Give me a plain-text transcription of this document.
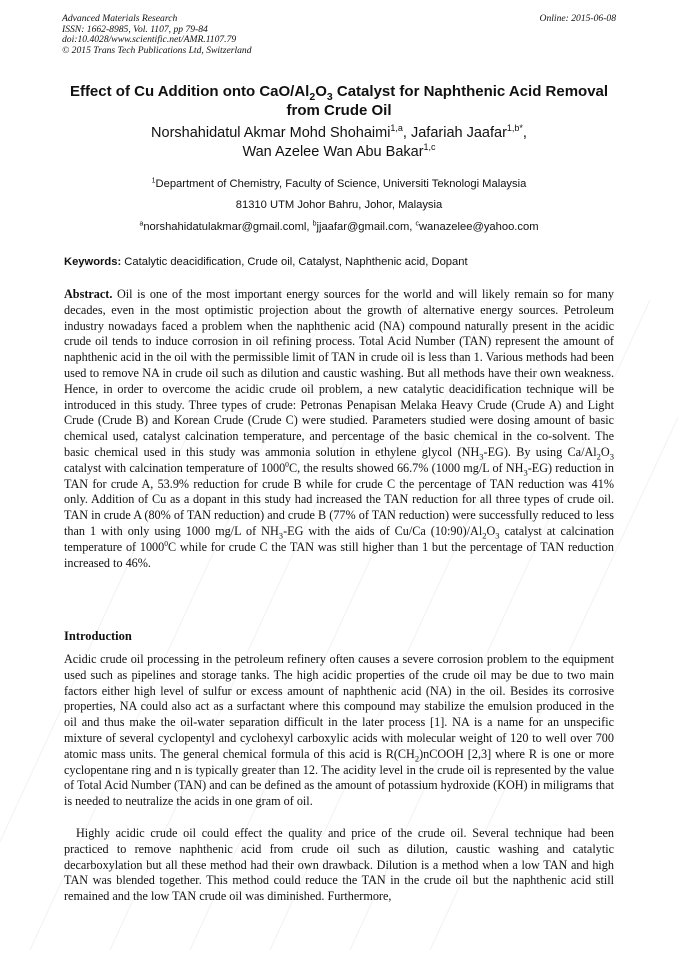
Advanced Materials Research
ISSN: 1662-8985, Vol. 1107, pp 79-84
doi:10.4028/www.scientific.net/AMR.1107.79
© 2015 Trans Tech Publications Ltd, Switzerland
Online: 2015-06-08
Effect of Cu Addition onto CaO/$Al_2O_3$ Catalyst for Naphthenic Acid Removal from Crude Oil
Norshahidatul Akmar Mohd Shohaimi$^{1,a}$, Jafariah Jaafar$^{1,b*}$,
Wan Azelee Wan Abu Bakar$^{1,c}$
$^1$Department of Chemistry, Faculty of Science, Universiti Teknologi Malaysia
81310 UTM Johor Bahru, Johor, Malaysia
$^a$norshahidatulakmar@gmail.coml, $^b$jjaafar@gmail.com, $^c$wanazelee@yahoo.com
Keywords: Catalytic deacidification, Crude oil, Catalyst, Naphthenic acid, Dopant

Abstract. Oil is one of the most important energy sources for the world and will likely remain so for many decades, even in the most optimistic projection about the growth of alternative energy sources. Petroleum industry nowadays faced a problem when the naphthenic acid (NA) compound naturally present in the acidic crude oil tends to induce corrosion in oil refining process. Total Acid Number (TAN) represent the amount of naphthenic acid in the oil with the permissible limit of TAN in crude oil is less than 1. Various methods had been used to remove NA in crude oil such as dilution and caustic washing. But all methods have their own weakness. Hence, in order to overcome the acidic crude oil problem, a new catalytic deacidification technique will be introduced in this study. Three types of crude: Petronas Penapisan Melaka Heavy Crude (Crude A) and Light Crude (Crude B) and Korean Crude (Crude C) were studied. Parameters studied were dosing amount of basic chemical used, catalyst calcination temperature, and percentage of the basic chemical in the co-solvent. The basic chemical used in this study was ammonia solution in ethylene glycol $(NH_3-EG)$. By using $Ca/Al_2O_3$ catalyst with calcination temperature of 1000$^0$C, the results showed 66.7% (1000 mg/L of $NH_3-EG$) reduction in TAN for crude A, 53.9% reduction for crude B while for crude C the percentage of TAN reduction was 41% only. Addition of Cu as a dopant in this study had increased the TAN reduction for all three types of crude oil. TAN in crude A (80% of TAN reduction) and crude B (77% of TAN reduction) were successfully reduced to less than 1 with only using 1000 mg/L of $NH_3-EG$ with the aids of Cu/Ca $(10:90)/Al_2O_3$ catalyst at calcination temperature of 1000$^0$C while for crude C the TAN was still higher than 1 but the percentage of TAN reduction increased to 46%.

Introduction

Acidic crude oil processing in the petroleum refinery often causes a severe corrosion problem to the equipment used such as pipelines and storage tanks. The high acidic properties of the crude oil may be due to two main factors either high level of sulfur or excess amount of naphthenic acid (NA) in the oil. Besides its corrosive properties, NA could also act as a surfactant where this compound may stabilize the emulsion produced in the oil and thus make the oil-water separation difficult in the later process [1]. NA is a name for an unspecific mixture of several cyclopentyl and cyclohexyl carboxylic acids with molecular weight of 120 to well over 700 atomic mass units. The general chemical formula of this acid is $R(CH_2)nCOOH$ [2,3] where R is one or more cyclopentane ring and n is typically greater than 12. The acidity level in the crude oil is represented by the value of Total Acid Number (TAN) and can be defined as the amount of potassium hydroxide (KOH) in miligrams that is needed to neutralize the acids in one gram of oil.

Highly acidic crude oil could effect the quality and price of the crude oil. Several technique had been practiced to remove naphthenic acid from crude oil such as dilution, caustic washing and catalytic decarboxylation but all these method had their own drawback. Dilution is a method when a low TAN and high TAN was blended together. This method could reduce the TAN in the crude oil but the naphthenic acid still remained and the low TAN crude oil was diminished. Furthermore,
